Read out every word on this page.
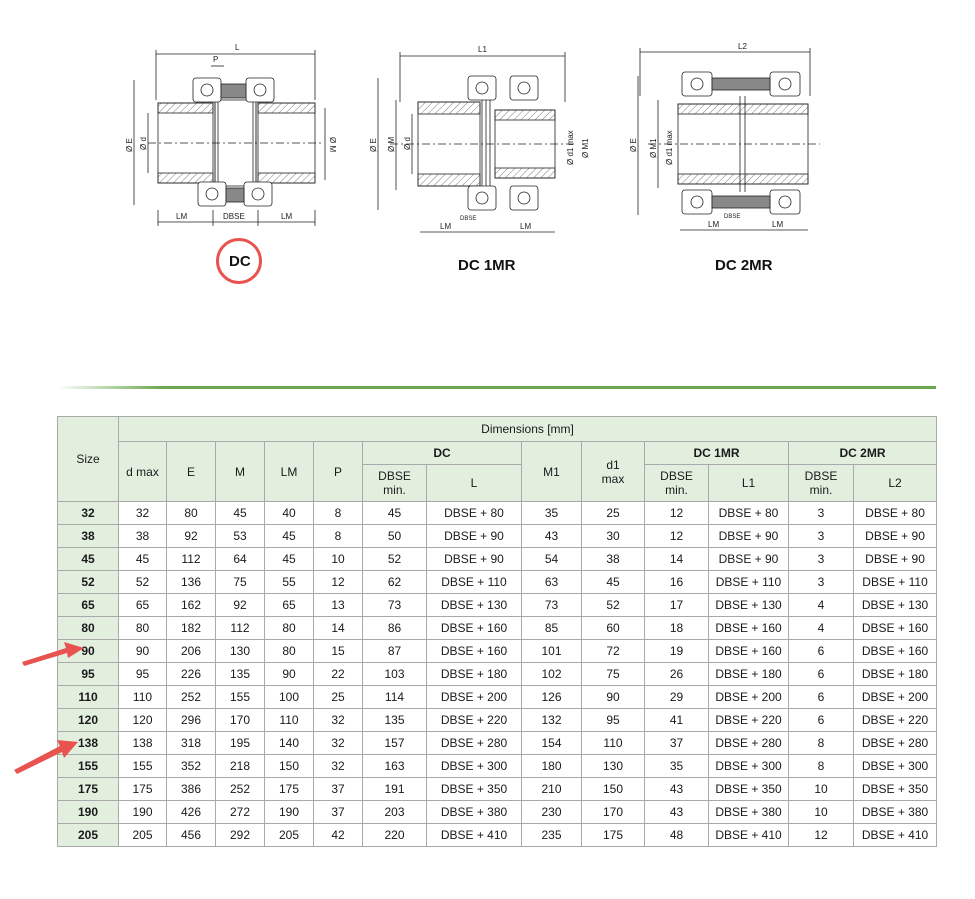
L
P
Ø E Ø d	Ø M
LM	DBSE	LM
L1
Ø E Ø M Ø d	Ø d1 max Ø M1
LM
DBSE
LM
L2
Ø E Ø M1 Ø d1 max
LM
DBSE
LM
DC	DC 1MR	DC 2MR
Size	Dimensions [mm]												
	d max	E	M	LM	P	DC		M1	d1 max	DC 1MR		DC 2MR	
						DBSE min.	L			DBSE min.	L1	DBSE min.	L2
32	32	80	45	40	8	45	DBSE + 80	35	25	12	DBSE + 80	3	DBSE + 80
38	38	92	53	45	8	50	DBSE + 90	43	30	12	DBSE + 90	3	DBSE + 90
45	45	112	64	45	10	52	DBSE + 90	54	38	14	DBSE + 90	3	DBSE + 90
52	52	136	75	55	12	62	DBSE + 110	63	45	16	DBSE + 110	3	DBSE + 110
65	65	162	92	65	13	73	DBSE + 130	73	52	17	DBSE + 130	4	DBSE + 130
80	80	182	112	80	14	86	DBSE + 160	85	60	18	DBSE + 160	4	DBSE + 160
90	90	206	130	80	15	87	DBSE + 160	101	72	19	DBSE + 160	6	DBSE + 160
95	95	226	135	90	22	103	DBSE + 180	102	75	26	DBSE + 180	6	DBSE + 180
110	110	252	155	100	25	114	DBSE + 200	126	90	29	DBSE + 200	6	DBSE + 200
120	120	296	170	110	32	135	DBSE + 220	132	95	41	DBSE + 220	6	DBSE + 220
138	138	318	195	140	32	157	DBSE + 280	154	110	37	DBSE + 280	8	DBSE + 280
155	155	352	218	150	32	163	DBSE + 300	180	130	35	DBSE + 300	8	DBSE + 300
175	175	386	252	175	37	191	DBSE + 350	210	150	43	DBSE + 350	10	DBSE + 350
190	190	426	272	190	37	203	DBSE + 380	230	170	43	DBSE + 380	10	DBSE + 380
205	205	456	292	205	42	220	DBSE + 410	235	175	48	DBSE + 410	12	DBSE + 410
